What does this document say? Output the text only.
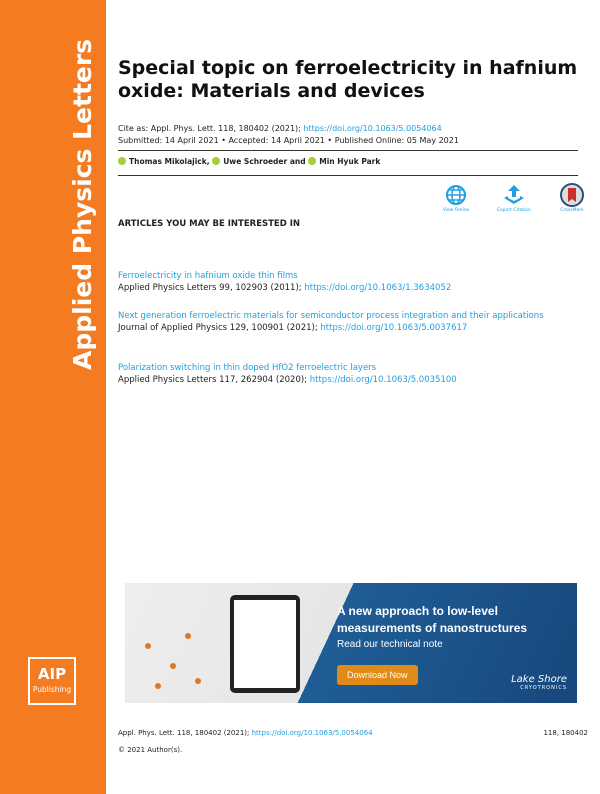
Applied Physics Letters
AIP
Publishing
Special topic on ferroelectricity in hafnium oxide: Materials and devices
Cite as: Appl. Phys. Lett. 118, 180402 (2021); https://doi.org/10.1063/5.0054064
Submitted: 14 April 2021 • Accepted: 14 April 2021 • Published Online: 05 May 2021
Thomas Mikolajick, Uwe Schroeder and Min Hyuk Park
View Online	Export Citation	CrossMark
ARTICLES YOU MAY BE INTERESTED IN
Ferroelectricity in hafnium oxide thin films
Applied Physics Letters 99, 102903 (2011); https://doi.org/10.1063/1.3634052
Next generation ferroelectric materials for semiconductor process integration and their applications
Journal of Applied Physics 129, 100901 (2021); https://doi.org/10.1063/5.0037617
Polarization switching in thin doped HfO2 ferroelectric layers
Applied Physics Letters 117, 262904 (2020); https://doi.org/10.1063/5.0035100
A new approach to low-level measurements of nanostructures
Read our technical note
Download Now	Lake Shore
CRYOTRONICS
Appl. Phys. Lett. 118, 180402 (2021); https://doi.org/10.1063/5.0054064	118, 180402
© 2021 Author(s).
